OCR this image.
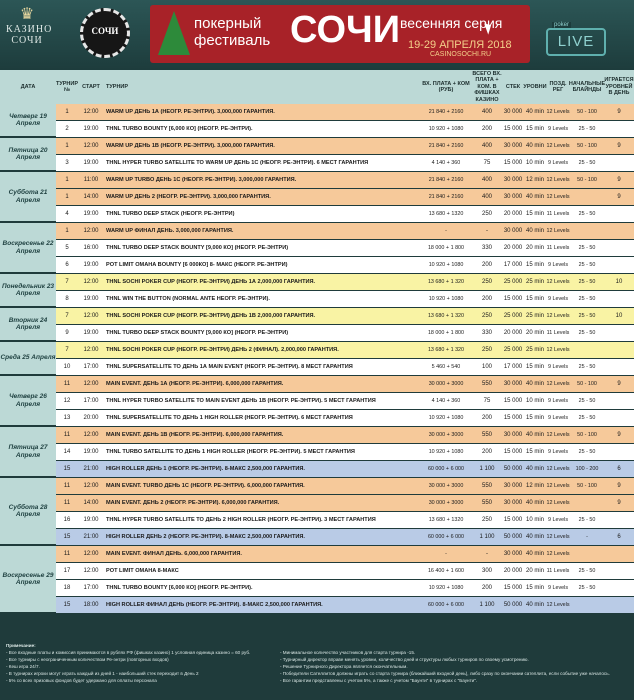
♛
КАЗИНО СОЧИ
СОЧИ	покерный
фестиваль СОЧИ весенняя серия
19-29 АПРЕЛЯ 2018
CASINOSOCHI.RU
poker
LIVE
ДАТА
ТУРНИР №
СТАРТ	ТУРНИР
ВХ. ПЛАТА + КОМ (РУБ)
ВСЕГО ВХ. ПЛАТА + КОМ. В ФИШКАХ КАЗИНО
СТЕК УРОВНИ
ПОЗД. РЕГ
НАЧАЛЬНЫЕ БЛАЙНДЫ
ИГРАЕТСЯ УРОВНЕЙ В ДЕНЬ
Четверг 19 Апреля
1	12:00	WARM UP ДЕНЬ 1А (НЕОГР. РЕ-ЭНТРИ). 3,000,000 ГАРАНТИЯ.	21 840 + 2160	400	30 000 40 min 12 Levels	50 - 100	9
2	19:00	THNL TURBO BOUNTY [6,000 КО] (НЕОГР. РЕ-ЭНТРИ).	10 920 + 1080	200	15 000 15 min 9 Levels	25 - 50
Пятница 20 Апреля
1	12:00	WARM UP ДЕНЬ 1В (НЕОГР. РЕ-ЭНТРИ). 3,000,000 ГАРАНТИЯ.	21 840 + 2160	400	30 000 40 min 12 Levels	50 - 100	9
3	19:00	THNL HYPER TURBO SATELLITE TO WARM UP ДЕНЬ 1С (НЕОГР. РЕ-ЭНТРИ). 6 МЕСТ ГАРАНТИЯ	4 140 + 360	75	15 000 10 min 9 Levels	25 - 50
Суббота 21 Апреля
1	11:00	WARM UP TURBO ДЕНЬ 1С (НЕОГР. РЕ-ЭНТРИ). 3,000,000 ГАРАНТИЯ.	21 840 + 2160	400	30 000 12 min 12 Levels	50 - 100	9
1	14:00	WARM UP ДЕНЬ 2 (НЕОГР. РЕ-ЭНТРИ). 3,000,000 ГАРАНТИЯ.	21 840 + 2160	400	30 000 40 min 12 Levels	9
4	19:00	THNL TURBO DEEP STACK (НЕОГР. РЕ-ЭНТРИ)	13 680 + 1320	250	20 000 15 min 11 Levels	25 - 50
Воскресенье 22 Апреля
1	12:00	WARM UP ФИНАЛ ДЕНЬ. 3,000,000 ГАРАНТИЯ.	-	-	30 000 40 min 12 Levels
5	16:00	THNL TURBO DEEP STACK BOUNTY [9,000 КО] (НЕОГР. РЕ-ЭНТРИ)	18 000 + 1 800	330	20 000 20 min 11 Levels	25 - 50
6	19:00	POT LIMIT OMAHA BOUNTY [6 000КО] 8- МАКС (НЕОГР. РЕ-ЭНТРИ)	10 920 + 1080	200	17 000 15 min 9 Levels	25 - 50
Понедельник 23 Апреля
7	12:00	THNL SOCHI POKER CUP (НЕОГР. РЕ-ЭНТРИ) ДЕНЬ 1А 2,000,000 ГАРАНТИЯ.	13 680 + 1 320	250	25 000 25 min 12 Levels	25 - 50	10
8	19:00	THNL WIN THE BUTTON (NORMAL ANTE НЕОГР. РЕ-ЭНТРИ).	10 920 + 1080	200	15 000 15 min 9 Levels	25 - 50
Вторник 24 Апреля
7	12:00	THNL SOCHI POKER CUP (НЕОГР. РЕ-ЭНТРИ) ДЕНЬ 1В 2,000,000 ГАРАНТИЯ.	13 680 + 1 320	250	25 000 25 min 12 Levels	25 - 50	10
9	19:00	THNL TURBO DEEP STACK BOUNTY [9,000 КО] (НЕОГР. РЕ-ЭНТРИ)	18 000 + 1 800	330	20 000 20 min 11 Levels	25 - 50
Среда 25 Апреля
7	12:00	THNL SOCHI POKER CUP (НЕОГР. РЕ-ЭНТРИ) ДЕНЬ 2 (ФИНАЛ). 2,000,000 ГАРАНТИЯ.	13 680 + 1 320	250	25 000 25 min 12 Levels
10	17:00	THNL SUPERSATELLITE TO ДЕНЬ 1А MAIN EVENT (НЕОГР. РЕ-ЭНТРИ). 8 МЕСТ ГАРАНТИЯ	5 460 + 540	100	17 000 15 min 9 Levels	25 - 50
Четверг 26 Апреля
11	12:00	MAIN EVENT. ДЕНЬ 1А (НЕОГР. РЕ-ЭНТРИ). 6,000,000 ГАРАНТИЯ.	30 000 + 3000	550	30 000 40 min 12 Levels	50 - 100	9
12	17:00	THNL HYPER TURBO SATELLITE TO MAIN EVENT ДЕНЬ 1В (НЕОГР. РЕ-ЭНТРИ). 5 МЕСТ ГАРАНТИЯ	4 140 + 360	75	15 000 10 min 9 Levels	25 - 50
13	20:00	THNL SUPERSATELLITE TO ДЕНЬ 1 HIGH ROLLER (НЕОГР. РЕ-ЭНТРИ). 6 МЕСТ ГАРАНТИЯ	10 920 + 1080	200	15 000 15 min 9 Levels	25 - 50
Пятница 27 Апреля
11	12:00	MAIN EVENT. ДЕНЬ 1В (НЕОГР. РЕ-ЭНТРИ). 6,000,000 ГАРАНТИЯ.	30 000 + 3000	550	30 000 40 min 12 Levels	50 - 100	9
14	19:00	THNL TURBO SATELLITE TO ДЕНЬ 1 HIGH ROLLER (НЕОГР. РЕ-ЭНТРИ). 5 МЕСТ ГАРАНТИЯ	10 920 + 1080	200	15 000 15 min 9 Levels	25 - 50
15	21:00	HIGH ROLLER ДЕНЬ 1 (НЕОГР. РЕ-ЭНТРИ). 8-МАКС 2,500,000 ГАРАНТИЯ.	60 000 + 6 000	1 100	50 000 40 min 12 Levels	100 - 200	6
Суббота 28 Апреля
11	12:00	MAIN EVENT. TURBO ДЕНЬ 1С (НЕОГР. РЕ-ЭНТРИ). 6,000,000 ГАРАНТИЯ.	30 000 + 3000	550	30 000 12 min 12 Levels	50 - 100	9
11	14:00	MAIN EVENT. ДЕНЬ 2 (НЕОГР. РЕ-ЭНТРИ). 6,000,000 ГАРАНТИЯ.	30 000 + 3000	550	30 000 40 min 12 Levels	9
16	19:00	THNL HYPER TURBO SATELLITE TO ДЕНЬ 2 HIGH ROLLER (НЕОГР. РЕ-ЭНТРИ). 3 МЕСТ ГАРАНТИЯ	13 680 + 1320	250	15 000 10 min 9 Levels	25 - 50
15	21:00	HIGH ROLLER ДЕНЬ 2 (НЕОГР. РЕ-ЭНТРИ). 8-МАКС 2,500,000 ГАРАНТИЯ.	60 000 + 6 000	1 100	50 000 40 min 12 Levels	-	6
Воскресенье 29 Апреля
11	12:00	MAIN EVENT. ФИНАЛ ДЕНЬ. 6,000,000 ГАРАНТИЯ.	-	-	30 000 40 min 12 Levels
17	12:00	POT LIMIT OMAHA 8-МАКС	16 400 + 1 600	300	20 000 20 min 11 Levels	25 - 50
18	17:00	THNL TURBO BOUNTY [6,000 КО] (НЕОГР. РЕ-ЭНТРИ).	10 920 + 1080	200	15 000 15 min 9 Levels	25 - 50
15	18:00	HIGH ROLLER ФИНАЛ ДЕНЬ (НЕОГР. РЕ-ЭНТРИ). 8-МАКС 2,500,000 ГАРАНТИЯ.	60 000 + 6 000	1 100	50 000 40 min 12 Levels
Примечание:
- Все входные платы и комиссия принимаются в рублях РФ (фишках казино) 1 условная единица казино = 60 руб.
- Все турниры с неограниченным количеством Ре-энтри (повторных входов)
- Кеш игра 24/7.
- В турнирах игроки могут играть каждый из дней 1 - наибольший стек переходит в День 2
- 5% со всех призовых фондов будет удержано для оплаты персонала
- Минимальное количество участников для старта турнира -15.
- Турнирный директор вправе менять уровни, количество дней и структуры любых турниров по своему усмотрению.
- Решение Турнирного Директора является окончательным.
- Победители Сателлитов должны играть со старта турнира (ближайший входной день), либо сразу по окончании сателлита, если событие уже началось.
- Все гарантии представлены с учетом 5%, а также с учетом "Баунти" в турнирах с "Баунти".
